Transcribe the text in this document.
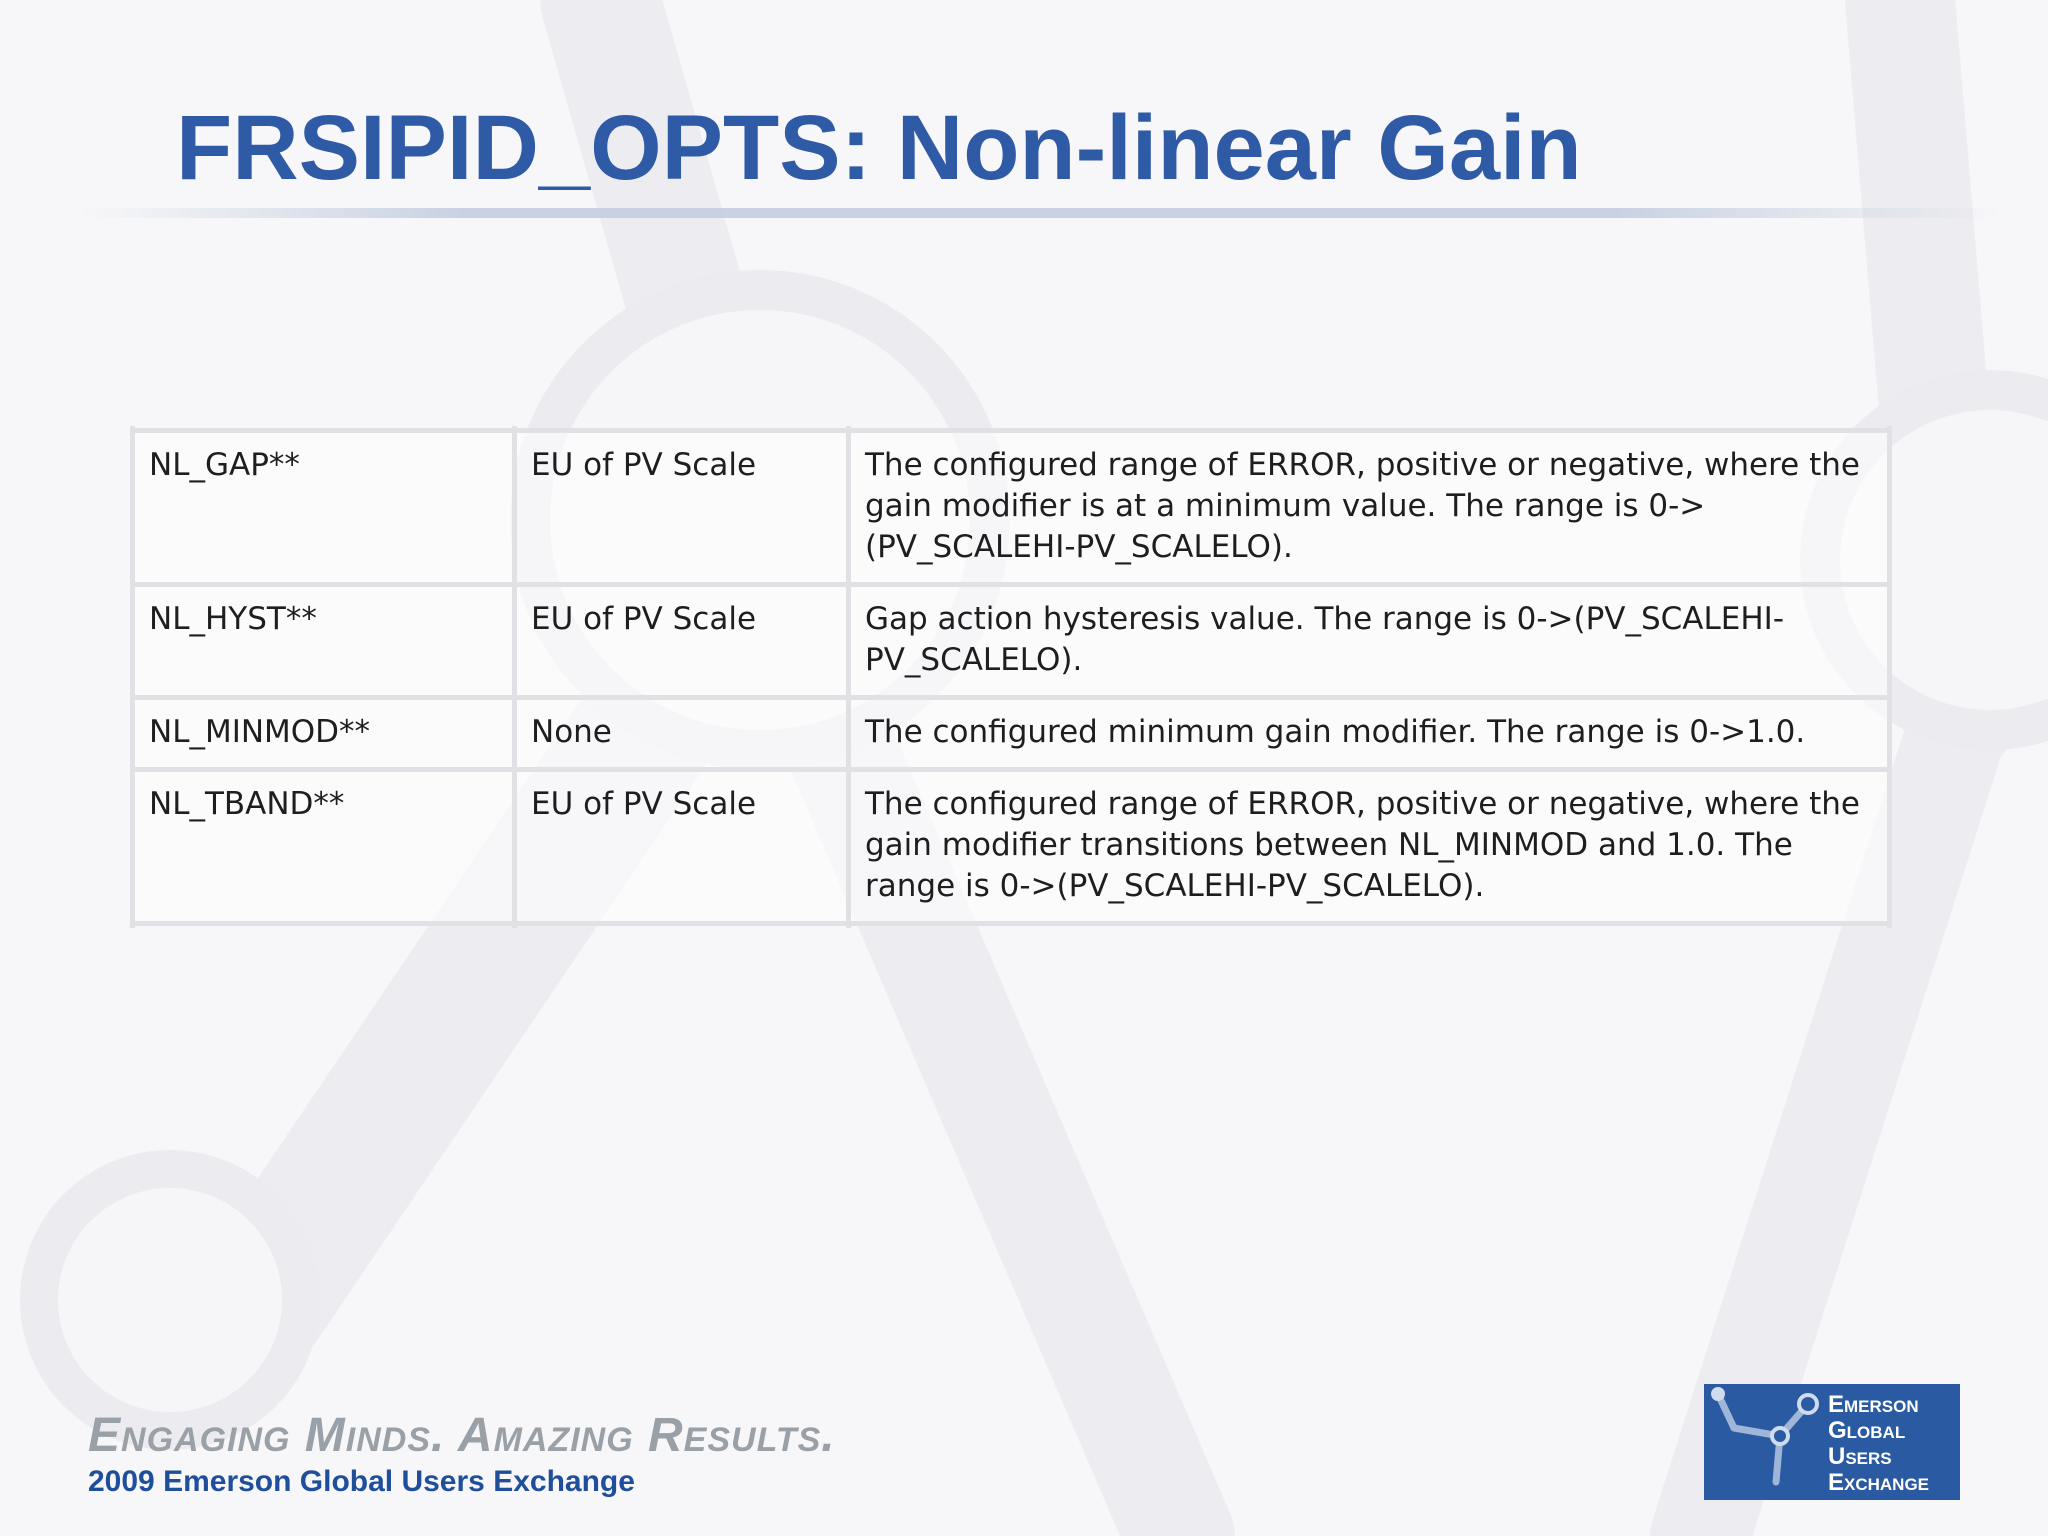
FRSIPID_OPTS: Non-linear Gain

NL_GAP**	EU of PV Scale	The configured range of ERROR, positive or negative, where the gain modifier is at a minimum value. The range is 0-> (PV_SCALEHI-PV_SCALELO).
NL_HYST**	EU of PV Scale	Gap action hysteresis value. The range is 0->(PV_SCALEHI- PV_SCALELO).
NL_MINMOD**	None	The configured minimum gain modifier. The range is 0->1.0.
NL_TBAND**	EU of PV Scale	The configured range of ERROR, positive or negative, where the gain modifier transitions between NL_MINMOD and 1.0. The range is 0->(PV_SCALEHI-PV_SCALELO).

Engaging Minds. Amazing Results.

2009 Emerson Global Users Exchange

Emerson
Global
Users
Exchange
